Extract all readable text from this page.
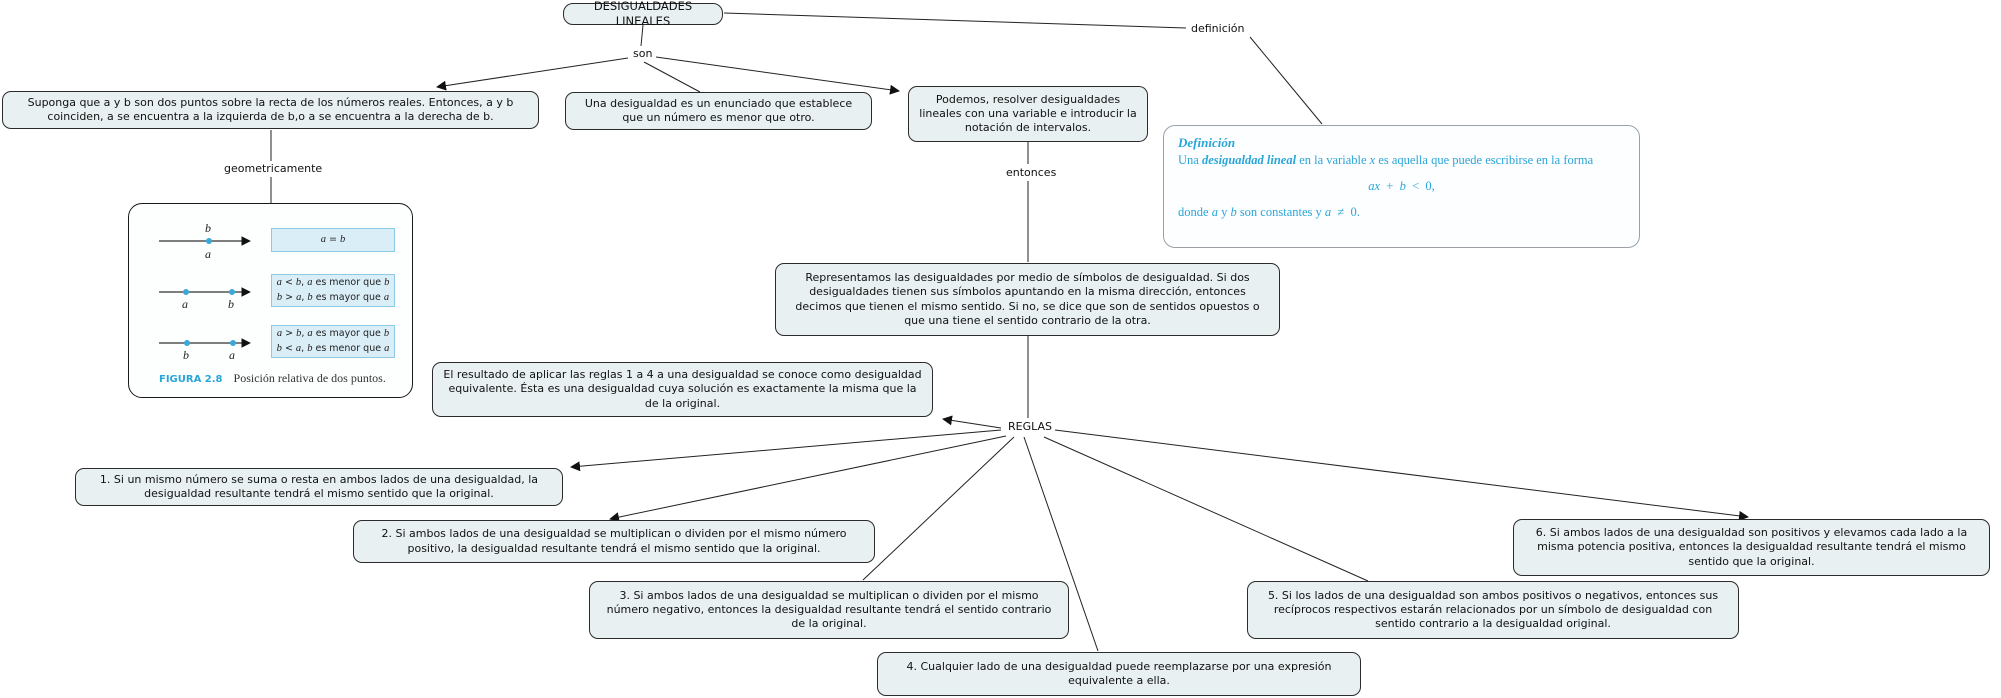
DESIGUALDADES LINEALES
son
definición
geometricamente	entonces
REGLAS
Suponga que a y b son dos puntos sobre la recta de los números reales. Entonces, a y b coinciden, a se encuentra a la izquierda de b,o a se encuentra a la derecha de b.
Una desigualdad es un enunciado que establece que un número es menor que otro.
Podemos, resolver desigualdades lineales con una variable e introducir la notación de intervalos.
Representamos las desigualdades por medio de símbolos de desigualdad. Si dos desigualdades tienen sus símbolos apuntando en la misma dirección, entonces decimos que tienen el mismo sentido. Si no, se dice que son de sentidos opuestos o que una tiene el sentido contrario de la otra.
El resultado de aplicar las reglas 1 a 4 a una desigualdad se conoce como desigualdad equivalente. Ésta es una desigualdad cuya solución es exactamente la misma que la de la original.
1. Si un mismo número se suma o resta en ambos lados de una desigualdad, la desigualdad resultante tendrá el mismo sentido que la original.
2. Si ambos lados de una desigualdad se multiplican o dividen por el mismo número positivo, la desigualdad resultante tendrá el mismo sentido que la original.
3. Si ambos lados de una desigualdad se multiplican o dividen por el mismo número negativo, entonces la desigualdad resultante tendrá el sentido contrario de la original.
4. Cualquier lado de una desigualdad puede reemplazarse por una expresión equivalente a ella.
5. Si los lados de una desigualdad son ambos positivos o negativos, entonces sus recíprocos respectivos estarán relacionados por un símbolo de desigualdad con sentido contrario a la desigualdad original.
6. Si ambos lados de una desigualdad son positivos y elevamos cada lado a la misma potencia positiva, entonces la desigualdad resultante tendrá el mismo sentido que la original.
Definición
Una desigualdad lineal en la variable x es aquella que puede escribirse en la forma
ax + b < 0,
donde a y b son constantes y a ≠ 0.
b
a
a	b
b	a
a = b
a < b, a es menor que b
b > a, b es mayor que a
a > b, a es mayor que b
b < a, b es menor que a
FIGURA 2.8 Posición relativa de dos puntos.
